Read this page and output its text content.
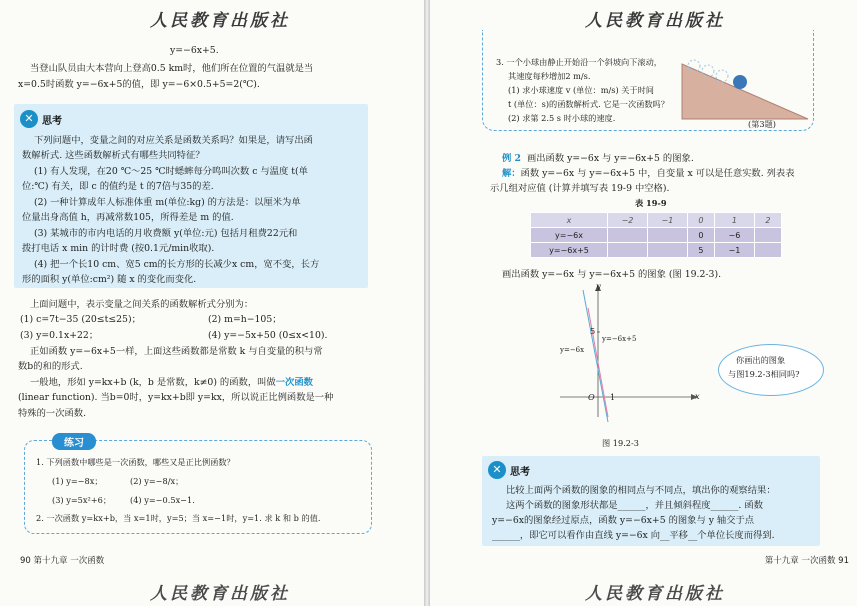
人民教育出版社
y=−6x+5.
当登山队员由大本营向上登高0.5 km时，他们所在位置的气温就是当
x=0.5时函数 y=−6x+5的值，即 y=−6×0.5+5=2(℃).
✕ 思考
下列问题中，变量之间的对应关系是函数关系吗？如果是，请写出函
数解析式. 这些函数解析式有哪些共同特征？
(1) 有人发现，在20 ℃～25 ℃时蟋蟀每分鸣叫次数 c 与温度 t(单
位:℃) 有关，即 c 的值约是 t 的7倍与35的差.
(2) 一种计算成年人标准体重 m(单位:kg) 的方法是：以厘米为单
位量出身高值 h，再减常数105，所得差是 m 的值.
(3) 某城市的市内电话的月收费额 y(单位:元) 包括月租费22元和
拨打电话 x min 的计时费 (按0.1元/min收取).
(4) 把一个长10 cm、宽5 cm的长方形的长减少x cm，宽不变，长方
形的面积 y(单位:cm²) 随 x 的变化而变化.
上面问题中，表示变量之间关系的函数解析式分别为：
(1) c=7t−35 (20≤t≤25)；	(2) m=h−105；
(3) y=0.1x+22；	(4) y=−5x+50 (0≤x<10).
正如函数 y=−6x+5一样，上面这些函数都是常数 k 与自变量的积与常
数b的和的形式.
一般地，形如 y=kx+b (k，b 是常数，k≠0) 的函数，叫做一次函数
(linear function). 当b=0时，y=kx+b即 y=kx，所以说正比例函数是一种
特殊的一次函数.
练习
1. 下列函数中哪些是一次函数，哪些又是正比例函数？
(1) y=−8x；	(2) y=−8/x；
(3) y=5x²+6； (4) y=−0.5x−1.
2. 一次函数 y=kx+b，当 x=1时，y=5；当 x=−1时，y=1. 求 k 和 b 的值.
90 第十九章 一次函数
人民教育出版社
人民教育出版社
3. 一个小球由静止开始沿一个斜坡向下滚动，
其速度每秒增加2 m/s.
(1) 求小球速度 v (单位：m/s) 关于时间
t (单位：s)的函数解析式. 它是一次函数吗？
(2) 求第 2.5 s 时小球的速度.
(第3题)
例 2 画出函数 y=−6x 与 y=−6x+5 的图象.
解：函数 y=−6x 与 y=−6x+5 中，自变量 x 可以是任意实数. 列表表
示几组对应值 (计算并填写表 19-9 中空格).
表 19-9
x	−2	−1	0	1	2
y=−6x			0	−6	
y=−6x+5			5	−1	
画出函数 y=−6x 与 y=−6x+5 的图象 (图 19.2-3).
y
x
O
5
1
y=−6x+5
y=−6x
图 19.2-3
你画出的图象
与图19.2-3相同吗?
✕ 思考
比较上面两个函数的图象的相同点与不同点，填出你的观察结果：
这两个函数的图象形状都是______，并且倾斜程度______. 函数
y=−6x的图象经过原点，函数 y=−6x+5 的图象与 y 轴交于点
______，即它可以看作由直线 y=−6x 向__平移__个单位长度而得到.
第十九章 一次函数 91
人民教育出版社
